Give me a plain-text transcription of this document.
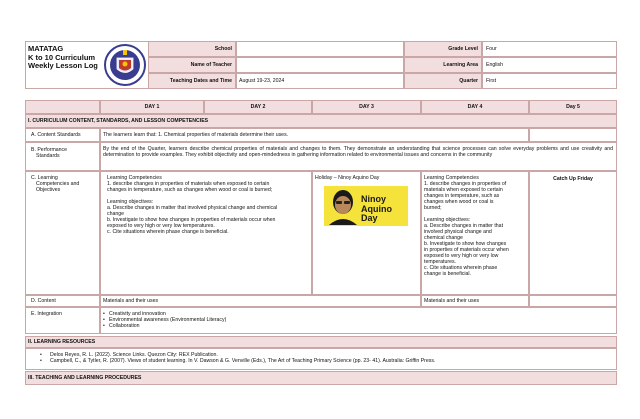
MATATAG
K to 10 Curriculum
Weekly Lesson Log
School
Name of Teacher
Teaching Dates and Time August 19-23, 2024
Grade Level Four
Learning Area English
Quarter First
DAY 1	DAY 2	DAY 3	DAY 4	Day 5
I. CURRICULUM CONTENT, STANDARDS, AND LESSON COMPETENCIES
A. Content Standards	The learners learn that: 1. Chemical properties of materials determine their uses.
B. Performance
Standards
By the end of the Quarter, learners describe chemical properties of materials and changes to them. They demonstrate an understanding that science processes can solve everyday problems and use creativity and determination to provide examples. They exhibit objectivity and open-mindedness in gathering information related to environmental issues and concerns in the community
C. Learning
Competencies and
Objectives
Learning Competencies
1. describe changes in properties of materials when exposed to certain
changes in temperature, such as changes when wood or coal is burned;
Learning objectives:
a. Describe changes in matter that involved physical change and chemical
change
b. Investigate to show how changes in properties of materials occur when
exposed to very high or very low temperatures.
c. Cite situations wherein phase change is beneficial.
Holiday – Ninoy Aquino Day
Ninoy
Aquino Day
Learning Competencies
1. describe changes in properties of
materials when exposed to certain
changes in temperature, such as
changes when wood or coal is
burned;
Learning objectives:
a. Describe changes in matter that
involved physical change and
chemical change
b. Investigate to show how changes
in properties of materials occur when
exposed to very high or very low
temperatures.
c. Cite situations wherein phase
change is beneficial.
Catch Up Friday
D. Content	Materials and their uses	Materials and their uses
E. Integration
•	Creativity and innovation
• Environmental awareness (Environmental Literacy)
• Collaboration
II. LEARNING RESOURCES
• Delos Reyes, R. L. (2022). Science Links. Quezon City: REX Publication.
• Campbell, C., & Tytler, R. (2007). Views of student learning. In V. Dawson & G. Venville (Eds.), The Art of Teaching Primary Science (pp. 23- 41). Australia: Griffin Press.
III. TEACHING AND LEARNING PROCEDURES
